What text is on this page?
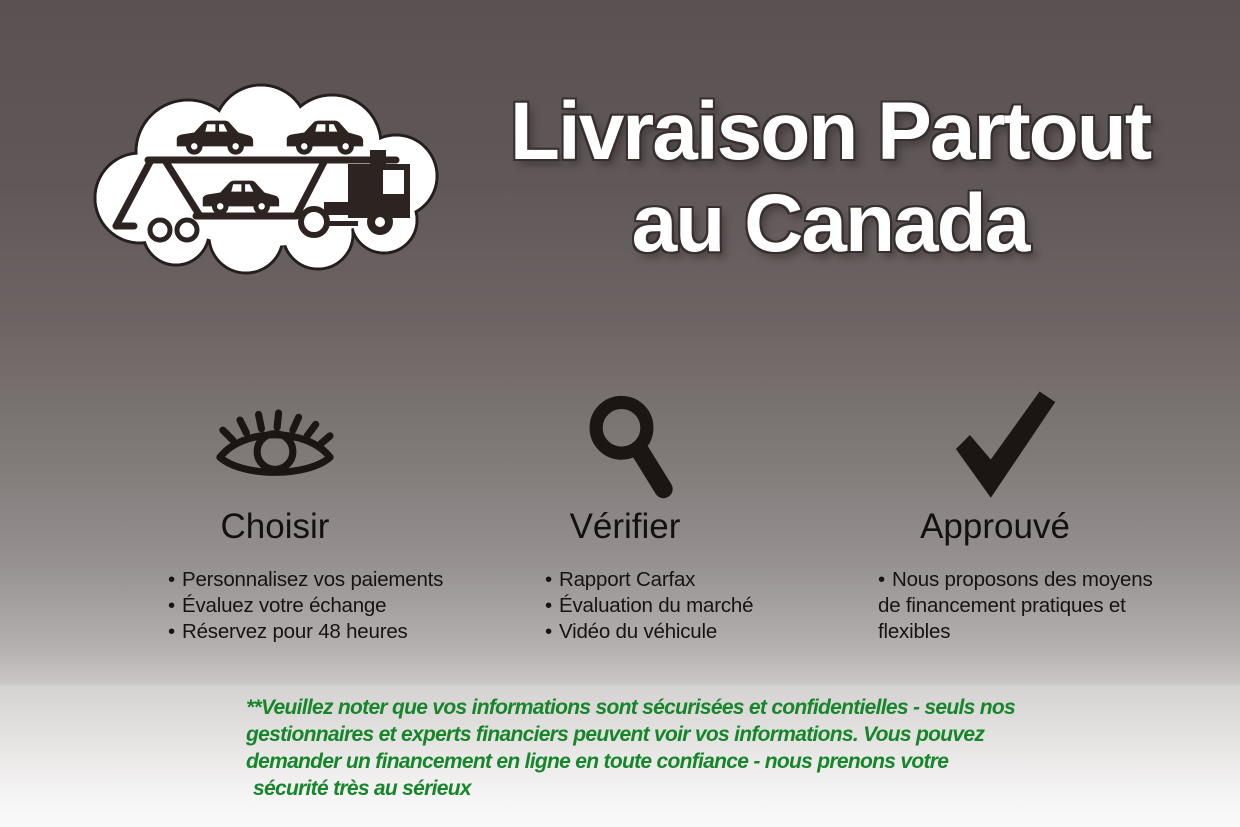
Livraison Partout
au Canada
Choisir
• Personnalisez vos paiements
• Évaluez votre échange
• Réservez pour 48 heures
Vérifier
• Rapport Carfax
• Évaluation du marché
• Vidéo du véhicule
Approuvé
• Nous proposons des moyens de financement pratiques et flexibles
**Veuillez noter que vos informations sont sécurisées et confidentielles - seuls nos
gestionnaires et experts financiers peuvent voir vos informations. Vous pouvez
demander un financement en ligne en toute confiance - nous prenons votre
sécurité très au sérieux
